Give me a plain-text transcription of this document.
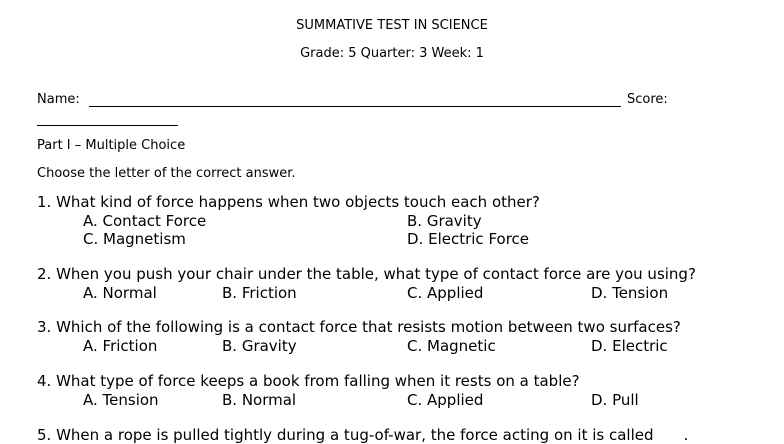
SUMMATIVE TEST IN SCIENCE
Grade: 5 Quarter: 3 Week: 1
Name:	Score:
Part I – Multiple Choice
Choose the letter of the correct answer.
1. What kind of force happens when two objects touch each other?
A. Contact Force	B. Gravity
C. Magnetism	D. Electric Force
2. When you push your chair under the table, what type of contact force are you using?
A. Normal	B. Friction	C. Applied	D. Tension
3. Which of the following is a contact force that resists motion between two surfaces?
A. Friction	B. Gravity	C. Magnetic	D. Electric
4. What type of force keeps a book from falling when it rests on a table?
A. Tension	B. Normal	C. Applied	D. Pull
5. When a rope is pulled tightly during a tug-of-war, the force acting on it is called .
